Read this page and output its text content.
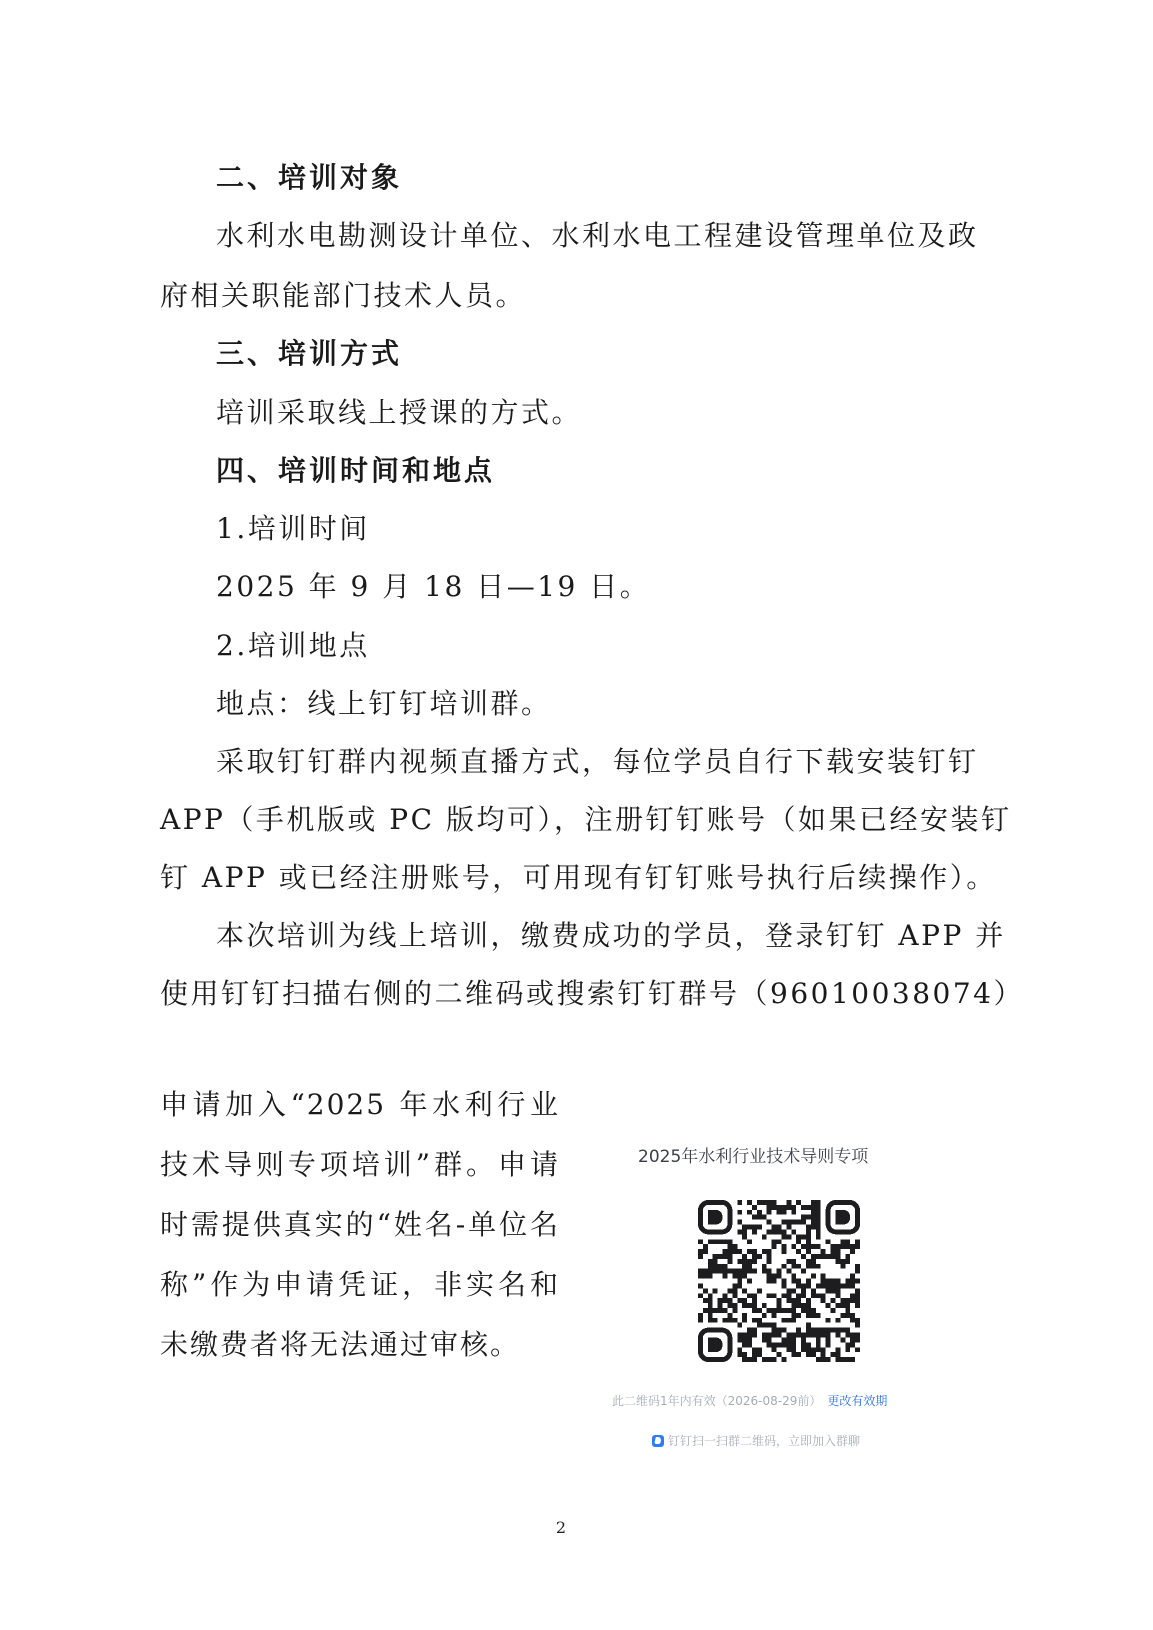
二、培训对象
水利水电勘测设计单位、水利水电工程建设管理单位及政
府相关职能部门技术人员。
三、培训方式
培训采取线上授课的方式。
四、培训时间和地点
1.培训时间
2025 年 9 月 18 日—19 日。
2.培训地点
地点：线上钉钉培训群。
采取钉钉群内视频直播方式，每位学员自行下载安装钉钉
APP（手机版或 PC 版均可），注册钉钉账号（如果已经安装钉
钉 APP 或已经注册账号，可用现有钉钉账号执行后续操作）。
本次培训为线上培训，缴费成功的学员，登录钉钉 APP 并
使用钉钉扫描右侧的二维码或搜索钉钉群号（96010038074）
申请加入“2025 年水利行业技术导则专项培训”群。申请时需提供真实的“姓名-单位名称”作为申请凭证，非实名和未缴费者将无法通过审核。
2025年水利行业技术导则专项
此二维码1年内有效（2026-08-29前） 更改有效期
钉钉扫一扫群二维码，立即加入群聊
2
